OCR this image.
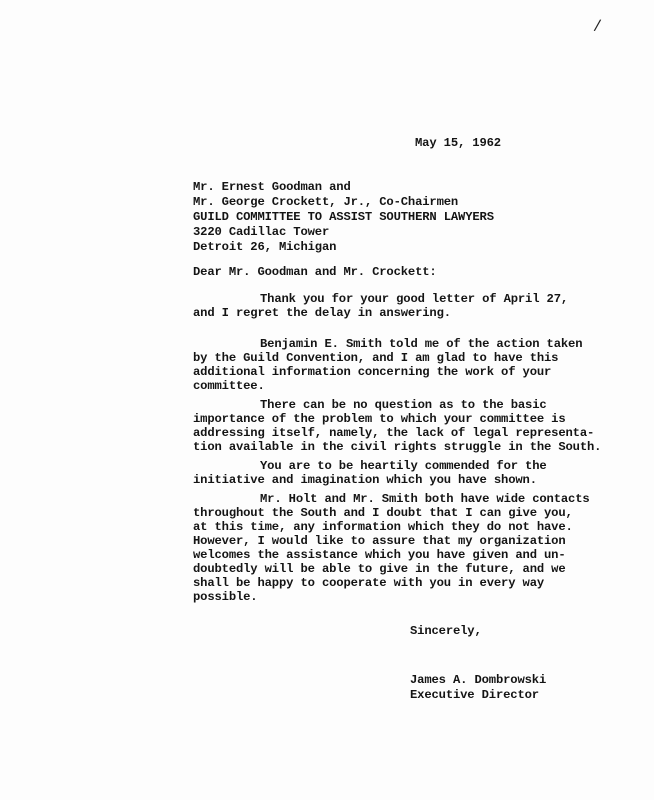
/
May 15, 1962
Mr. Ernest Goodman and
Mr. George Crockett, Jr., Co-Chairmen
GUILD COMMITTEE TO ASSIST SOUTHERN LAWYERS
3220 Cadillac Tower
Detroit 26, Michigan
Dear Mr. Goodman and Mr. Crockett:
Thank you for your good letter of April 27,
and I regret the delay in answering.
Benjamin E. Smith told me of the action taken
by the Guild Convention, and I am glad to have this
additional information concerning the work of your
committee.
There can be no question as to the basic
importance of the problem to which your committee is
addressing itself, namely, the lack of legal representa-
tion available in the civil rights struggle in the South.
You are to be heartily commended for the
initiative and imagination which you have shown.
Mr. Holt and Mr. Smith both have wide contacts
throughout the South and I doubt that I can give you,
at this time, any information which they do not have.
However, I would like to assure that my organization
welcomes the assistance which you have given and un-
doubtedly will be able to give in the future, and we
shall be happy to cooperate with you in every way
possible.
Sincerely,
James A. Dombrowski
Executive Director
